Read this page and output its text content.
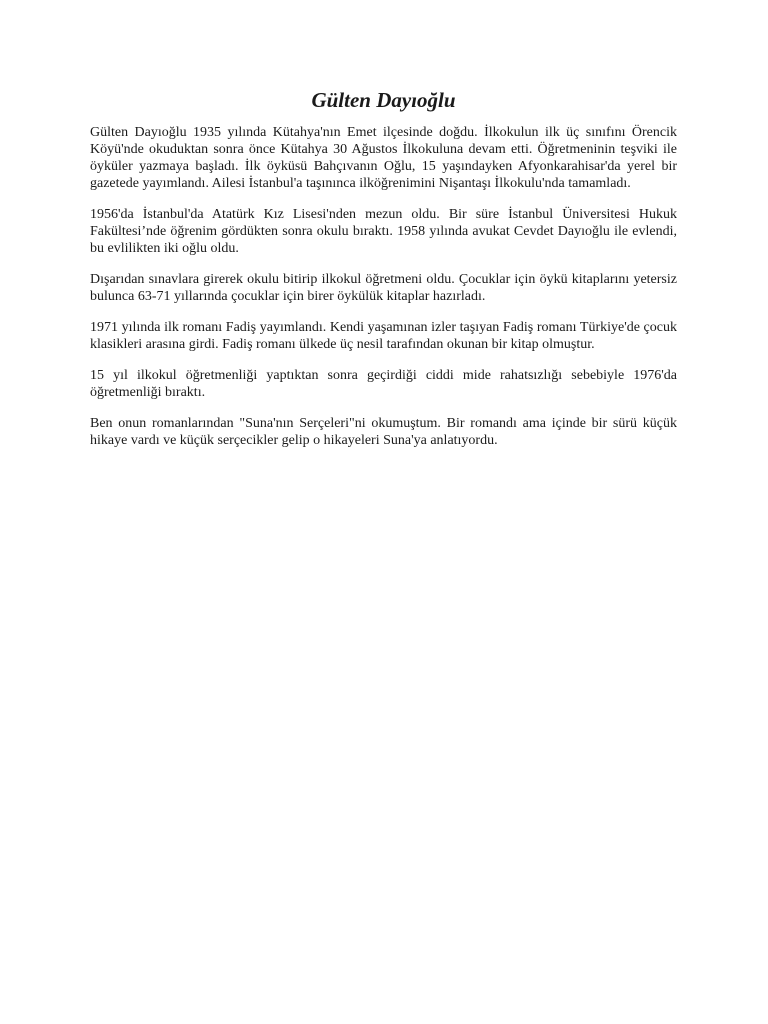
Gülten Dayıoğlu

Gülten Dayıoğlu 1935 yılında Kütahya'nın Emet ilçesinde doğdu. İlkokulun ilk üç sınıfını Örencik Köyü'nde okuduktan sonra önce Kütahya 30 Ağustos İlkokuluna devam etti. Öğretmeninin teşviki ile öyküler yazmaya başladı. İlk öyküsü Bahçıvanın Oğlu, 15 yaşındayken Afyonkarahisar'da yerel bir gazetede yayımlandı. Ailesi İstanbul'a taşınınca ilköğrenimini Nişantaşı İlkokulu'nda tamamladı.

1956'da İstanbul'da Atatürk Kız Lisesi'nden mezun oldu. Bir süre İstanbul Üniversitesi Hukuk Fakültesi’nde öğrenim gördükten sonra okulu bıraktı. 1958 yılında avukat Cevdet Dayıoğlu ile evlendi, bu evlilikten iki oğlu oldu.

Dışarıdan sınavlara girerek okulu bitirip ilkokul öğretmeni oldu. Çocuklar için öykü kitaplarını yetersiz bulunca 63-71 yıllarında çocuklar için birer öykülük kitaplar hazırladı.

1971 yılında ilk romanı Fadiş yayımlandı. Kendi yaşamınan izler taşıyan Fadiş romanı Türkiye'de çocuk klasikleri arasına girdi. Fadiş romanı ülkede üç nesil tarafından okunan bir kitap olmuştur.

15 yıl ilkokul öğretmenliği yaptıktan sonra geçirdiği ciddi mide rahatsızlığı sebebiyle 1976'da öğretmenliği bıraktı.

Ben onun romanlarından "Suna'nın Serçeleri"ni okumuştum. Bir romandı ama içinde bir sürü küçük hikaye vardı ve küçük serçecikler gelip o hikayeleri Suna'ya anlatıyordu.
